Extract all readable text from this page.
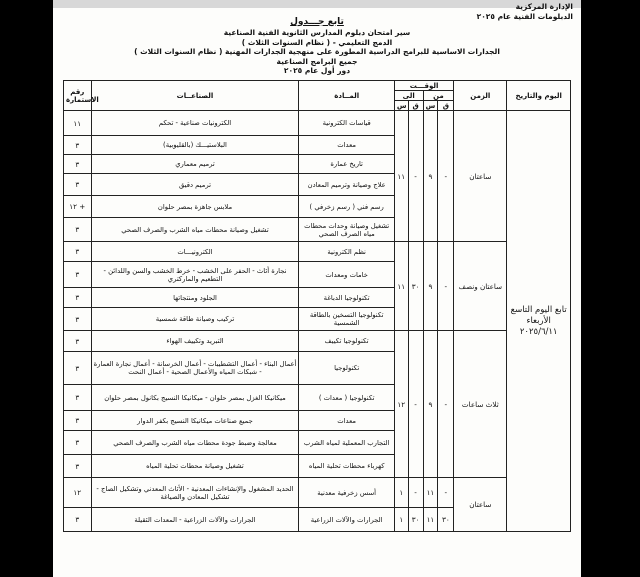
الإدارة المركزية
الدبلومات الفنية عام ٢٠٢٥
تابع جـــدول
سير امتحان دبلوم المدارس الثانوية الفنية الصناعية
( نظام السنوات الثلاث ) - الدمج التعليمي
الجدارات الاساسية للبرامج الدراسية المطورة على منهجية الجدارات المهنية ( نظام السنوات الثلاث )
جميع البرامج الصناعية
دور أول عام ٢٠٢٥
رقم الاستمارة	الصناعــات	المــادة	الوقـــت				الزمن	اليوم والتاريخ
			الى		من			
			س	ق	س	ق		
١١	الكترونيات صناعية - تحكم	قياسات الكترونية	١١	-	٩	-	ساعتان	تابع اليوم التاسع الأربعاء ٢٠٢٥/٦/١١
٣	البلاستيـــك (بالقليوبية)	معدات						
٣	ترميم معماري	تاريخ عمارة						
٣	ترميم دقيق	علاج وصيانة وترميم المعادن						
١٢ +	ملابس جاهزة بمصر حلوان	رسم فني ( رسم زخرفي )						
٣	تشغيل وصيانة محطات مياه الشرب والصرف الصحي	تشغيل وصيانة وحدات محطات مياه الصرف الصحي						
٣	الكترونيـــات	نظم الكترونية	١١	٣٠	٩	-	ساعتان ونصف	
٣	نجارة أثاث - الحفر على الخشب - خرط الخشب والسن واللدائن - التطعيم والماركتري	خامات ومعدات						
٣	الجلود ومنتجاتها	تكنولوجيا الدباغة						
٣	تركيب وصيانة طاقة شمسية	تكنولوجيا التسخين بالطاقة الشمسية						
٣	التبريد وتكييف الهواء	تكنولوجيا تكييف	١٢	-	٩	-	ثلاث ساعات	
٣	أعمال البناء - أعمال التشطيبات - أعمال الخرسانة - أعمال نجارة العمارة - شبكات المياه والأعمال الصحية - أعمال النحت	تكنولوجيا						
٣	ميكانيكا الغزل بمصر حلوان - ميكانيكا النسيج بكانول بمصر حلوان	تكنولوجيا ( معدات )						
٣	جميع صناعات ميكانيكا النسيج بكفر الدوار	معدات						
٣	معالجة وضبط جودة محطات مياه الشرب والصرف الصحي	التجارب المعملية لمياه الشرب						
٣	تشغيل وصيانة محطات تحلية المياه	كهرباء محطات تحلية المياه						
١٢	الحديد المشغول والإنشاءات المعدنية - الأثاث المعدني وتشكيل الصاج - تشكيل المعادن والصياغة	أسس زخرفية معدنية	١	-	١١	-	ساعتان	
٣	الجرارات والآلات الزراعية - المعدات الثقيلة	الجرارات والآلات الزراعية	١	٣٠	١١	٣٠		
